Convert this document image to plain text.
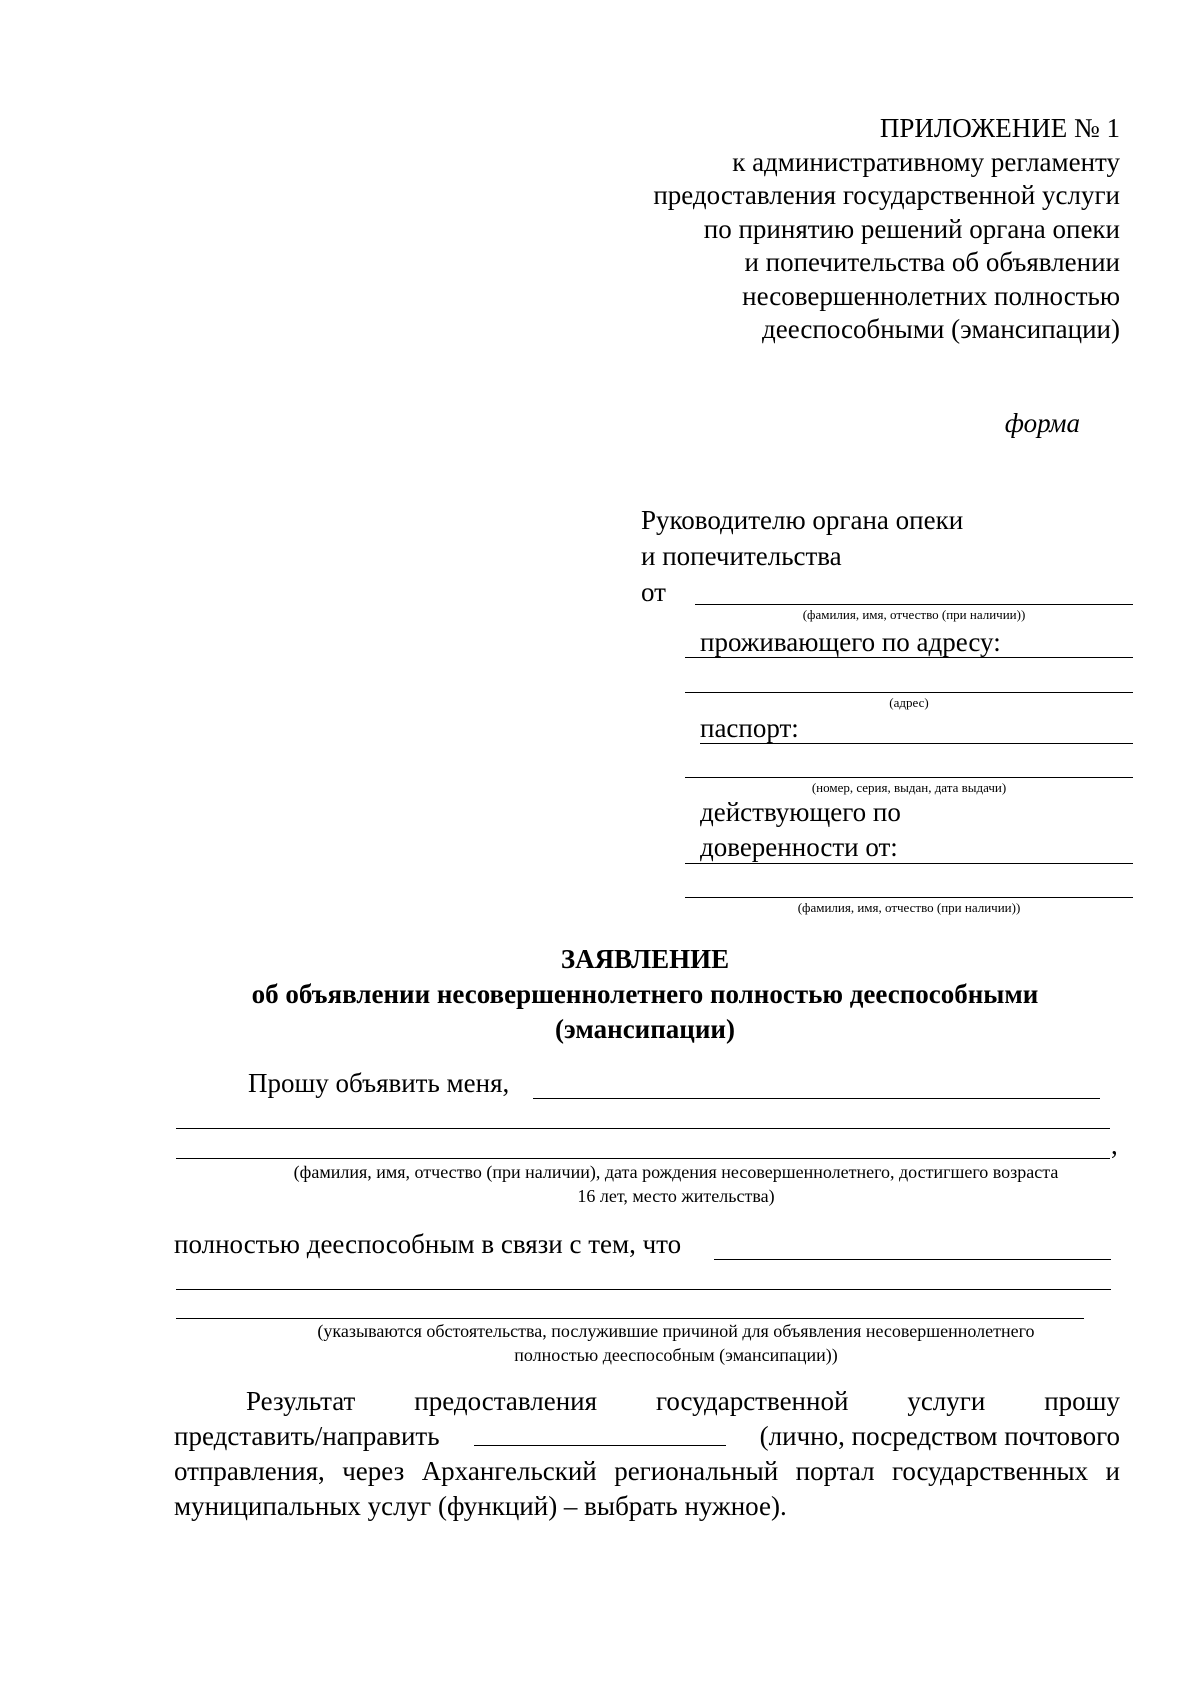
ПРИЛОЖЕНИЕ № 1
к административному регламенту
предоставления государственной услуги
по принятию решений органа опеки
и попечительства об объявлении
несовершеннолетних полностью
дееспособными (эмансипации)
форма
Руководителю органа опеки
и попечительства
от
(фамилия, имя, отчество (при наличии))
проживающего по адресу:
(адрес)
паспорт:
(номер, серия, выдан, дата выдачи)
действующего по
доверенности от:
(фамилия, имя, отчество (при наличии))
ЗАЯВЛЕНИЕ
об объявлении несовершеннолетнего полностью дееспособными
(эмансипации)
Прошу объявить меня,
,
(фамилия, имя, отчество (при наличии), дата рождения несовершеннолетнего, достигшего возраста
16 лет, место жительства)
полностью дееспособным в связи с тем, что
(указываются обстоятельства, послужившие причиной для объявления несовершеннолетнего
полностью дееспособным (эмансипации))
Результат предоставления государственной услуги прошу
представить/направить	(лично, посредством почтового
отправления, через Архангельский региональный портал государственных и
муниципальных услуг (функций) – выбрать нужное).
